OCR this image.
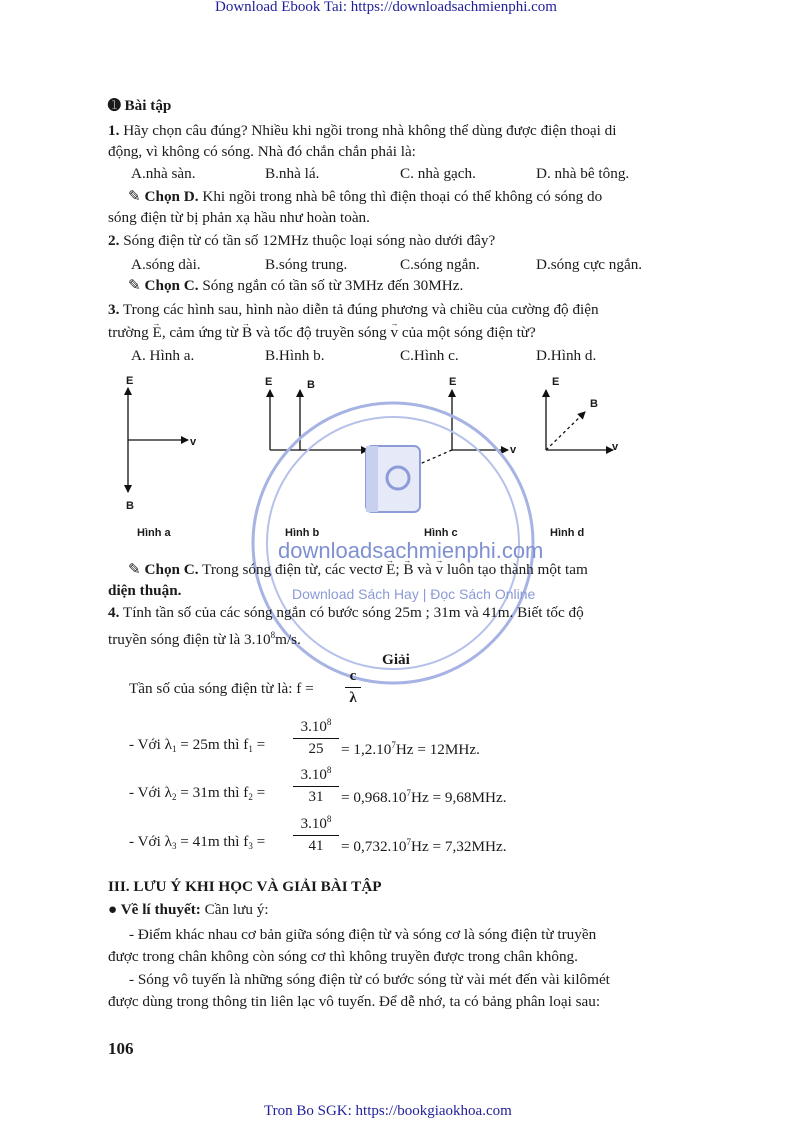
Download Ebook Tai: https://downloadsachmienphi.com
➊ Bài tập
1. Hãy chọn câu đúng? Nhiều khi ngồi trong nhà không thể dùng được điện thoại di
động, vì không có sóng. Nhà đó chắn chắn phải là:
A.nhà sàn.	B.nhà lá.	C. nhà gạch.	D. nhà bê tông.
✎ Chọn D. Khi ngồi trong nhà bê tông thì điện thoại có thể không có sóng do
sóng điện từ bị phản xạ hầu như hoàn toàn.
2. Sóng điện từ có tần số 12MHz thuộc loại sóng nào dưới đây?
A.sóng dài.	B.sóng trung.	C.sóng ngắn.	D.sóng cực ngắn.
✎ Chọn C. Sóng ngắn có tần số từ 3MHz đến 30MHz.
3. Trong các hình sau, hình nào diễn tả đúng phương và chiều của cường độ điện
trường → E, cảm ứng từ → B và tốc độ truyền sóng → v của một sóng điện từ?
A. Hình a.	B.Hình b.	C.Hình c.	D.Hình d.
E
B
v
E	B	E
v
E
B
v
Hình a	Hình b	Hình c	Hình d
downloadsachmienphi.com
Download Sách Hay | Đọc Sách Online
✎ Chọn C. Trong sóng điện từ, các vectơ → E; → B và → v luôn tạo thành một tam
diện thuận.
4. Tính tần số của các sóng ngắn có bước sóng 25m ; 31m và 41m. Biết tốc độ
truyền sóng điện từ là 3.10$^8$m/s.
Giải
Tần số của sóng điện từ là: f =
c
λ
- Với $\lambda_1 = 25m$ thì $f_1$ =
$3.10^8$
25	= $1,2.10^7Hz = 12MHz$.
- Với $\lambda_2 = 31m$ thì $f_2$ =
$3.10^8$
31	= $0,968.10^7Hz = 9,68MHz$.
- Với $\lambda_3 = 41m$ thì $f_3$ =
$3.10^8$
41	= $0,732.10^7Hz = 7,32MHz$.
III. LƯU Ý KHI HỌC VÀ GIẢI BÀI TẬP
● Về lí thuyết: Cần lưu ý:
- Điểm khác nhau cơ bản giữa sóng điện từ và sóng cơ là sóng điện từ truyền
được trong chân không còn sóng cơ thì không truyền được trong chân không.
- Sóng vô tuyến là những sóng điện từ có bước sóng từ vài mét đến vài kilômét
được dùng trong thông tin liên lạc vô tuyến. Để dễ nhớ, ta có bảng phân loại sau:
106
Tron Bo SGK: https://bookgiaokhoa.com
